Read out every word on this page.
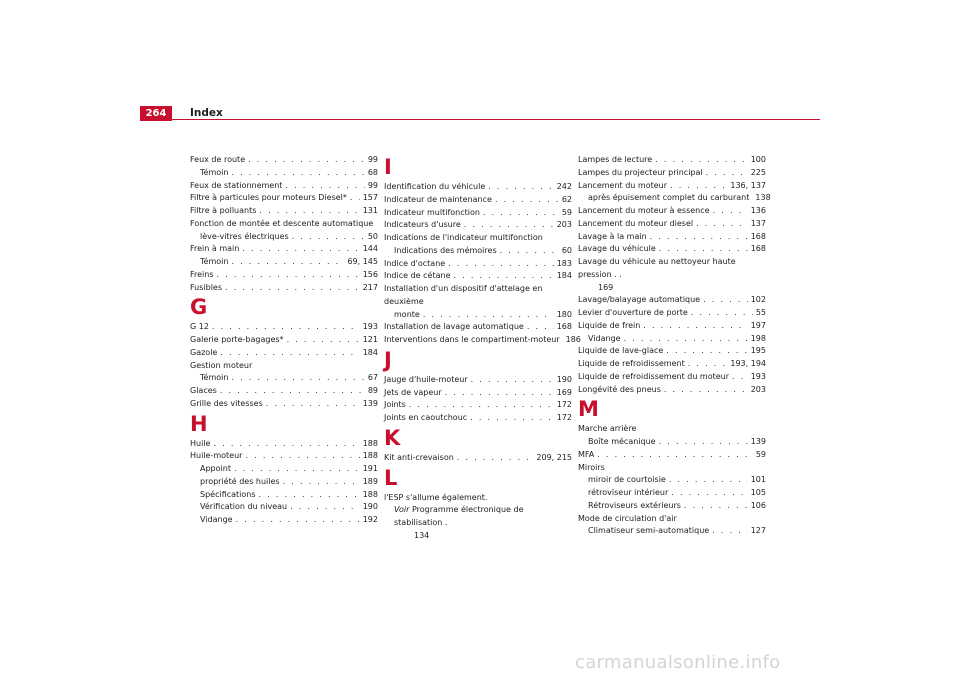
264	Index
Feux de route . . .	99
Témoin . . .	68
Feux de stationnement . . .	99
Filtre à particules pour moteurs Diesel* . . . 157
Filtre à polluants . . .	131
Fonction de montée et descente automatique
lève-vitres électriques . . .	50
Frein à main . . .	144
Témoin . . .	69, 145
Freins . . .	156
Fusibles . . .	217
G
G 12 . . .	193
Galerie porte-bagages* . . .	121
Gazole . . .	184
Gestion moteur
Témoin . . .	67
Glaces . . .	89
Grille des vitesses . . .	139
H
Huile . . .	188
Huile-moteur . . .	188
Appoint . . .	191
propriété des huiles . . .	189
Spécifications . . .	188
Vérification du niveau . . .	190
Vidange . . .	192
I
Identification du véhicule . . .	242
Indicateur de maintenance . . .	62
Indicateur multifonction . . .	59
Indicateurs d'usure . . .	203
Indications de l'indicateur multifonction
Indications des mémoires . . .	60
Indice d'octane . . .	183
Indice de cétane . . .	184
Installation d'un dispositif d'attelage en deuxième
monte . . .	180
Installation de lavage automatique . . .	168
Interventions dans le compartiment-moteur 186
J
Jauge d'huile-moteur . . .	190
Jets de vapeur . . .	169
Joints . . .	172
Joints en caoutchouc . . .	172
K
Kit anti-crevaison . . .	209, 215
L
l'ESP s'allume également.
Voir Programme électronique de stabilisation .
134
Lampes de lecture . . .	100
Lampes du projecteur principal . . .	225
Lancement du moteur . . .	136, 137
après épuisement complet du carburant 138
Lancement du moteur à essence . . .	136
Lancement du moteur diesel . . .	137
Lavage à la main . . .	168
Lavage du véhicule . . .	168
Lavage du véhicule au nettoyeur haute pression . .
169
Lavage/balayage automatique . . .	102
Levier d'ouverture de porte . . .	55
Liquide de frein . . .	197
Vidange . . .	198
Liquide de lave-glace . . .	195
Liquide de refroidissement . . .	193, 194
Liquide de refroidissement du moteur . . .	193
Longévité des pneus . . .	203
M
Marche arrière
Boîte mécanique . . .	139
MFA . . .	59
Miroirs
miroir de courtoisie . . .	101
rétroviseur intérieur . . .	105
Rétroviseurs extérieurs . . .	106
Mode de circulation d'air
Climatiseur semi-automatique . . .	127
carmanualsonline.info
